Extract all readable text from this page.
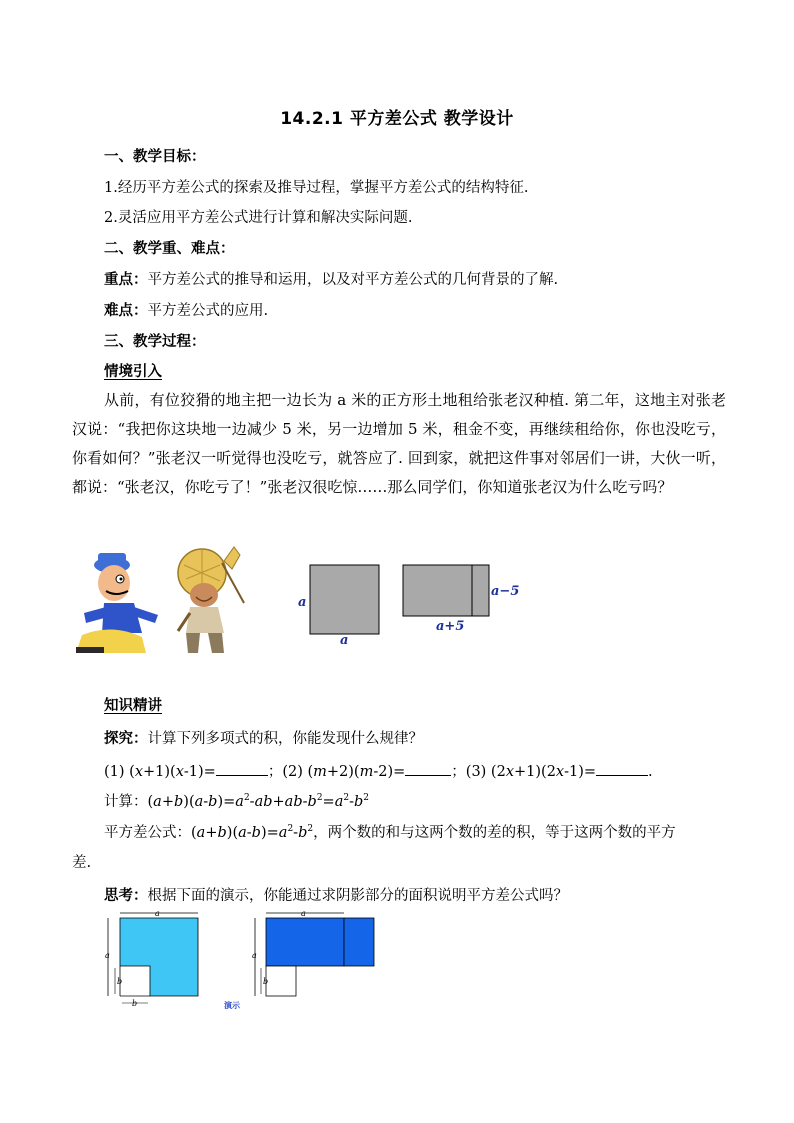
14.2.1 平方差公式 教学设计
一、教学目标：
1.经历平方差公式的探索及推导过程，掌握平方差公式的结构特征.
2.灵活应用平方差公式进行计算和解决实际问题.
二、教学重、难点：
重点：平方差公式的推导和运用，以及对平方差公式的几何背景的了解.
难点：平方差公式的应用.
三、教学过程：
情境引入
从前，有位狡猾的地主把一边长为 a 米的正方形土地租给张老汉种植. 第二年，这地主对张老汉说：“我把你这块地一边减少 5 米，另一边增加 5 米，租金不变，再继续租给你，你也没吃亏，你看如何？”张老汉一听觉得也没吃亏，就答应了. 回到家，就把这件事对邻居们一讲，大伙一听，都说：“张老汉，你吃亏了！”张老汉很吃惊……那么同学们，你知道张老汉为什么吃亏吗？
a
a
a−5
a+5
知识精讲
探究：计算下列多项式的积，你能发现什么规律？
(1) (x+1)(x-1)=	；(2) (m+2)(m-2)=	；(3) (2x+1)(2x-1)=	.
计算：$(a+b)(a-b)=a^2-ab+ab-b^2=a^2-b^2$
平方差公式：$(a+b)(a-b)=a^2-b^2$，两个数的和与这两个数的差的积，等于这两个数的平方
差.
思考：根据下面的演示，你能通过求阴影部分的面积说明平方差公式吗？
a
a
b
b
a
a
b
演示
